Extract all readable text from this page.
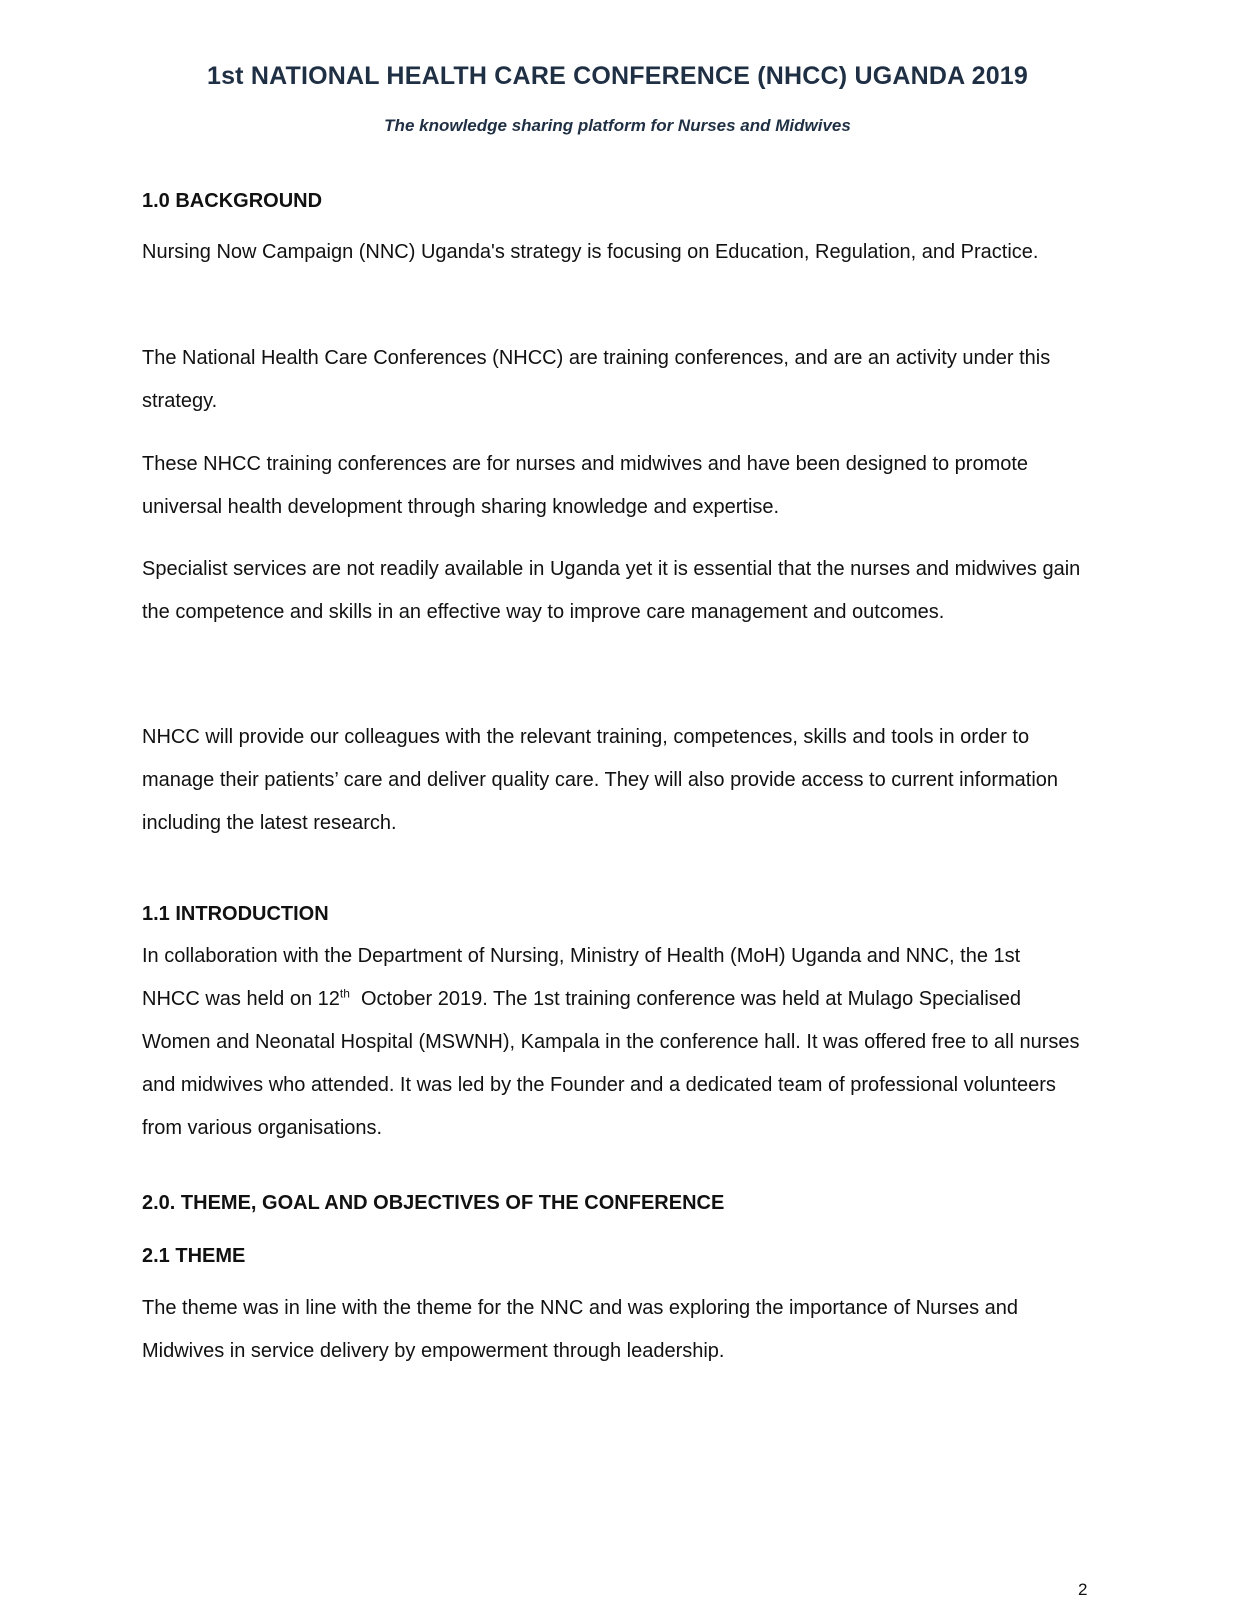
1st NATIONAL HEALTH CARE CONFERENCE (NHCC) UGANDA 2019

The knowledge sharing platform for Nurses and Midwives

1.0 BACKGROUND

Nursing Now Campaign (NNC) Uganda's strategy is focusing on Education, Regulation, and Practice.

The National Health Care Conferences (NHCC) are training conferences, and are an activity under this strategy.

These NHCC training conferences are for nurses and midwives and have been designed to promote universal health development through sharing knowledge and expertise.

Specialist services are not readily available in Uganda yet it is essential that the nurses and midwives gain the competence and skills in an effective way to improve care management and outcomes.

NHCC will provide our colleagues with the relevant training, competences, skills and tools in order to manage their patients’ care and deliver quality care. They will also provide access to current information including the latest research.

1.1 INTRODUCTION

In collaboration with the Department of Nursing, Ministry of Health (MoH) Uganda and NNC, the 1st NHCC was held on 12th  October 2019. The 1st training conference was held at Mulago Specialised Women and Neonatal Hospital (MSWNH), Kampala in the conference hall. It was offered free to all nurses and midwives who attended. It was led by the Founder and a dedicated team of professional volunteers from various organisations.

2.0. THEME, GOAL AND OBJECTIVES OF THE CONFERENCE
2.1 THEME

The theme was in line with the theme for the NNC and was exploring the importance of Nurses and Midwives in service delivery by empowerment through leadership.

2
